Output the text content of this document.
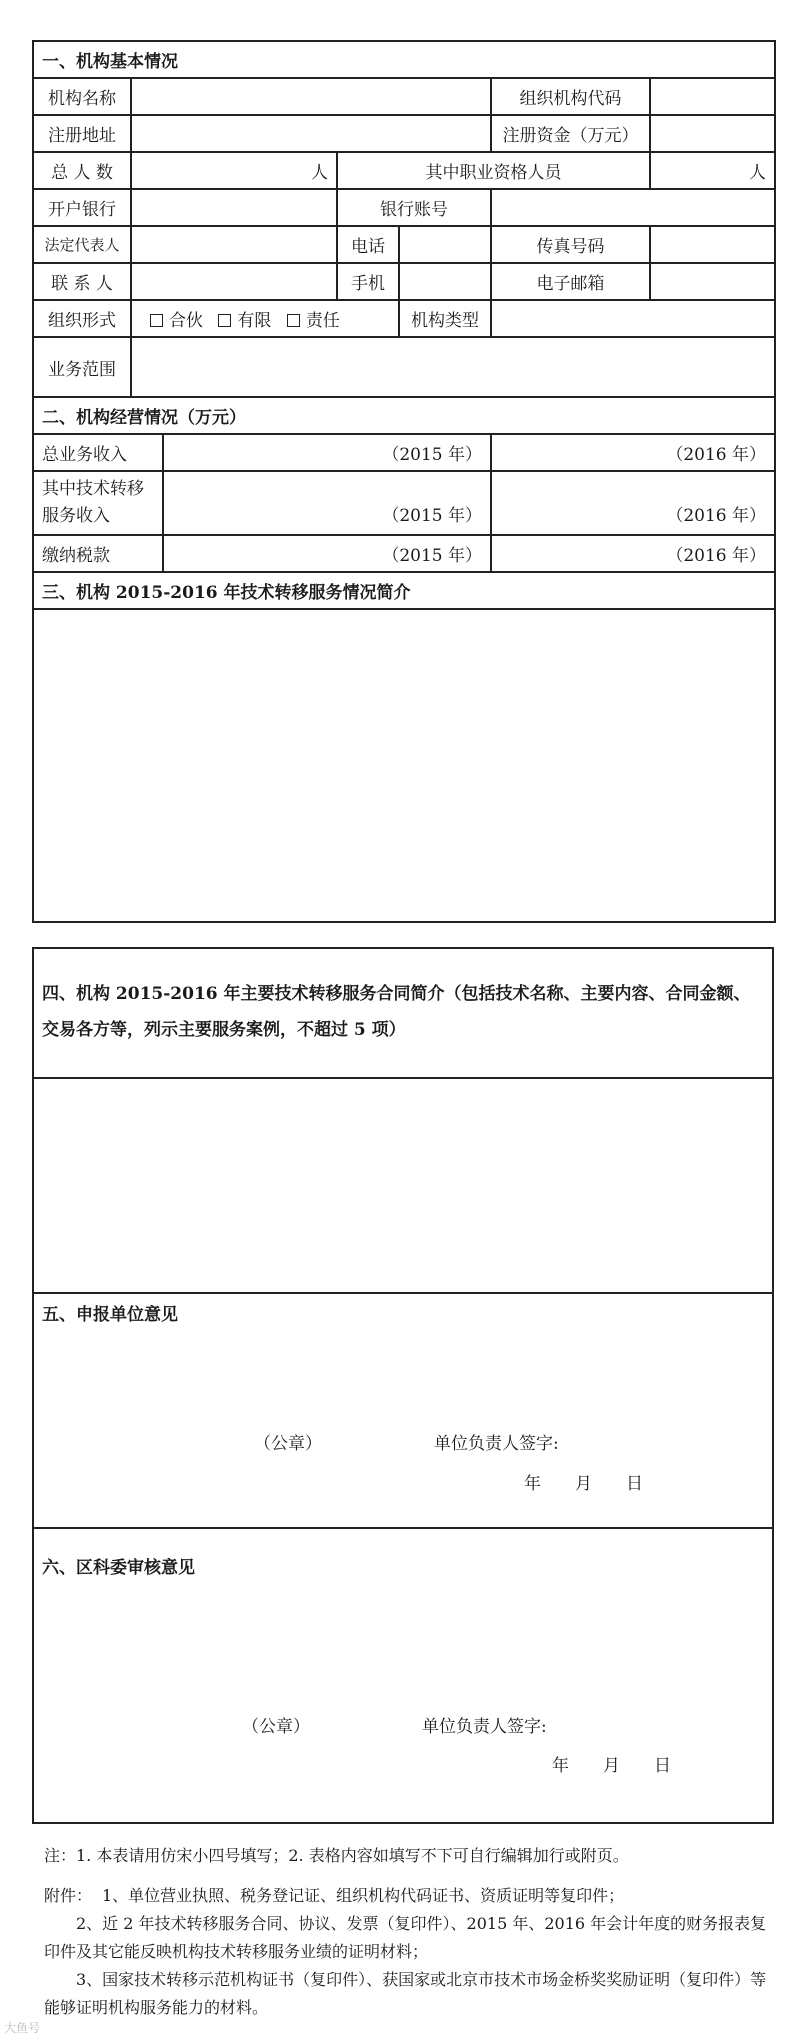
一、机构基本情况						
机构名称					组织机构代码	
注册地址					注册资金（万元）	
总 人 数	人		其中职业资格人员			人
开户银行			银行账号			
法定代表人			电话		传真号码	
联 系 人			手机		电子邮箱	
组织形式	合伙 有限 责任			机构类型		
业务范围						
二、机构经营情况（万元）						
总业务收入		（2015 年）			（2016 年）	
其中技术转移服务收入		（2015 年）			（2016 年）	
缴纳税款		（2015 年）			（2016 年）	
三、机构 2015-2016 年技术转移服务情况简介						

四、机构 2015-2016 年主要技术转移服务合同简介（包括技术名称、主要内容、合同金额、交易各方等，列示主要服务案例，不超过 5 项）

五、申报单位意见
（公章）	单位负责人签字:
年　　月　　日

六、区科委审核意见
（公章）	单位负责人签字:
年　　月　　日
注：1. 本表请用仿宋小四号填写；2. 表格内容如填写不下可自行编辑加行或附页。
附件： 1、单位营业执照、税务登记证、组织机构代码证书、资质证明等复印件；
2、近 2 年技术转移服务合同、协议、发票（复印件）、2015 年、2016 年会计年度的财务报表复印件及其它能反映机构技术转移服务业绩的证明材料；
3、国家技术转移示范机构证书（复印件）、获国家或北京市技术市场金桥奖奖励证明（复印件）等能够证明机构服务能力的材料。
大鱼号
